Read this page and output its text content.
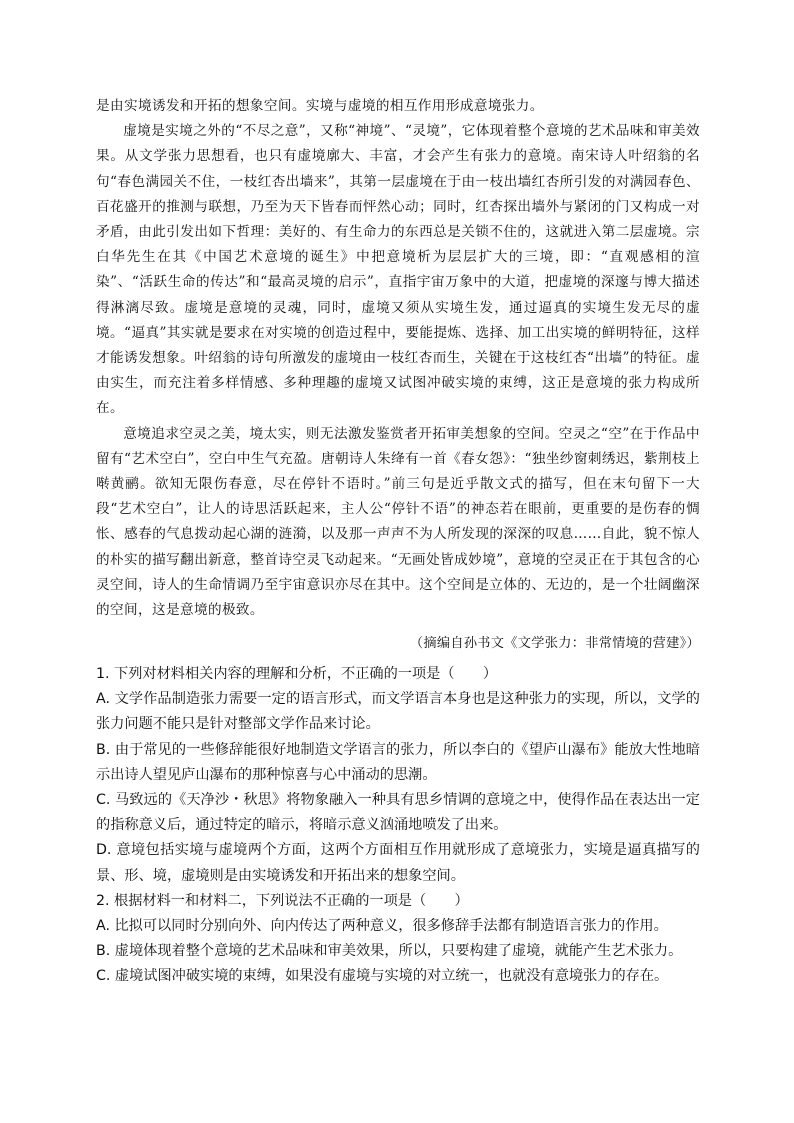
是由实境诱发和开拓的想象空间。实境与虚境的相互作用形成意境张力。

虚境是实境之外的“不尽之意”，又称“神境”、“灵境”，它体现着整个意境的艺术品味和审美效果。从文学张力思想看，也只有虚境廓大、丰富，才会产生有张力的意境。南宋诗人叶绍翁的名句“春色满园关不住，一枝红杏出墙来”，其第一层虚境在于由一枝出墙红杏所引发的对满园春色、百花盛开的推测与联想，乃至为天下皆春而怦然心动；同时，红杏探出墙外与紧闭的门又构成一对矛盾，由此引发出如下哲理：美好的、有生命力的东西总是关锁不住的，这就进入第二层虚境。宗白华先生在其《中国艺术意境的诞生》中把意境析为层层扩大的三境，即：“直观感相的渲染”、“活跃生命的传达”和“最高灵境的启示”，直指宇宙万象中的大道，把虚境的深邃与博大描述得淋漓尽致。虚境是意境的灵魂，同时，虚境又须从实境生发，通过逼真的实境生发无尽的虚境。“逼真”其实就是要求在对实境的创造过程中，要能提炼、选择、加工出实境的鲜明特征，这样才能诱发想象。叶绍翁的诗句所激发的虚境由一枝红杏而生，关键在于这枝红杏“出墙”的特征。虚由实生，而充注着多样情感、多种理趣的虚境又试图冲破实境的束缚，这正是意境的张力构成所在。

意境追求空灵之美，境太实，则无法激发鉴赏者开拓审美想象的空间。空灵之“空”在于作品中留有“艺术空白”，空白中生气充盈。唐朝诗人朱绛有一首《春女怨》：“独坐纱窗刺绣迟，紫荆枝上啭黄鹂。欲知无限伤春意，尽在停针不语时。”前三句是近乎散文式的描写，但在末句留下一大段“艺术空白”，让人的诗思活跃起来，主人公“停针不语”的神态若在眼前，更重要的是伤春的惆怅、感春的气息拨动起心湖的涟漪，以及那一声声不为人所发现的深深的叹息……自此，貌不惊人的朴实的描写翻出新意，整首诗空灵飞动起来。“无画处皆成妙境”，意境的空灵正在于其包含的心灵空间，诗人的生命情调乃至宇宙意识亦尽在其中。这个空间是立体的、无边的，是一个壮阔幽深的空间，这是意境的极致。

（摘编自孙书文《文学张力：非常情境的营建》）

1. 下列对材料相关内容的理解和分析，不正确的一项是（　　）

A. 文学作品制造张力需要一定的语言形式，而文学语言本身也是这种张力的实现，所以，文学的张力问题不能只是针对整部文学作品来讨论。

B. 由于常见的一些修辞能很好地制造文学语言的张力，所以李白的《望庐山瀑布》能放大性地暗示出诗人望见庐山瀑布的那种惊喜与心中涌动的思潮。

C. 马致远的《天净沙・秋思》将物象融入一种具有思乡情调的意境之中，使得作品在表达出一定的指称意义后，通过特定的暗示，将暗示意义汹涌地喷发了出来。

D. 意境包括实境与虚境两个方面，这两个方面相互作用就形成了意境张力，实境是逼真描写的景、形、境，虚境则是由实境诱发和开拓出来的想象空间。

2. 根据材料一和材料二，下列说法不正确的一项是（　　）

A. 比拟可以同时分别向外、向内传达了两种意义，很多修辞手法都有制造语言张力的作用。

B. 虚境体现着整个意境的艺术品味和审美效果，所以，只要构建了虚境，就能产生艺术张力。

C. 虚境试图冲破实境的束缚，如果没有虚境与实境的对立统一，也就没有意境张力的存在。
